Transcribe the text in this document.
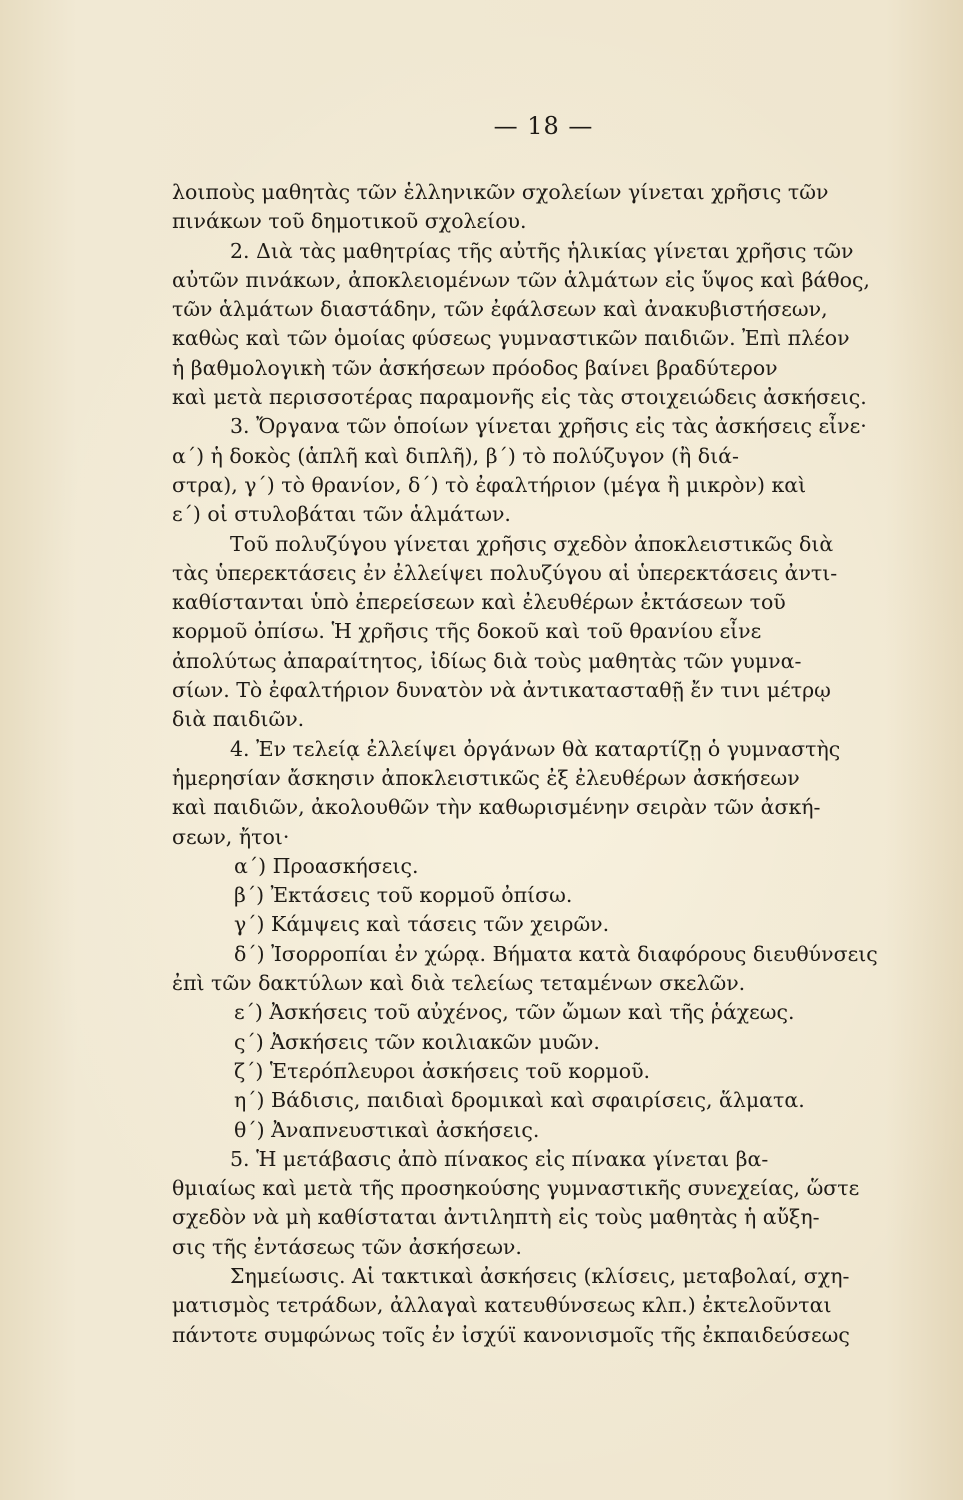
— 18 —
λοιποὺς μαθητὰς τῶν ἑλληνικῶν σχολείων γίνεται χρῆσις τῶν
πινάκων τοῦ δημοτικοῦ σχολείου.
2. Διὰ τὰς μαθητρίας τῆς αὐτῆς ἡλικίας γίνεται χρῆσις τῶν
αὐτῶν πινάκων, ἀποκλειομένων τῶν ἁλμάτων εἰς ὕψος καὶ βάθος,
τῶν ἁλμάτων διαστάδην, τῶν ἐφάλσεων καὶ ἀνακυβιστήσεων,
καθὼς καὶ τῶν ὁμοίας φύσεως γυμναστικῶν παιδιῶν. Ἐπὶ πλέον
ἡ βαθμολογικὴ τῶν ἀσκήσεων πρόοδος βαίνει βραδύτερον
καὶ μετὰ περισσοτέρας παραμονῆς εἰς τὰς στοιχειώδεις ἀσκήσεις.
3. Ὄργανα τῶν ὁποίων γίνεται χρῆσις εἰς τὰς ἀσκήσεις εἶνε·
α΄) ἡ δοκὸς (ἁπλῆ καὶ διπλῆ), β΄) τὸ πολύζυγον (ἢ διά-
στρα), γ΄) τὸ θρανίον, δ΄) τὸ ἐφαλτήριον (μέγα ἢ μικρὸν) καὶ
ε΄) οἱ στυλοβάται τῶν ἁλμάτων.
Τοῦ πολυζύγου γίνεται χρῆσις σχεδὸν ἀποκλειστικῶς διὰ
τὰς ὑπερεκτάσεις ἐν ἐλλείψει πολυζύγου αἱ ὑπερεκτάσεις ἀντι-
καθίστανται ὑπὸ ἐπερείσεων καὶ ἐλευθέρων ἐκτάσεων τοῦ
κορμοῦ ὀπίσω. Ἡ χρῆσις τῆς δοκοῦ καὶ τοῦ θρανίου εἶνε
ἀπολύτως ἀπαραίτητος, ἰδίως διὰ τοὺς μαθητὰς τῶν γυμνα-
σίων. Τὸ ἐφαλτήριον δυνατὸν νὰ ἀντικατασταθῇ ἔν τινι μέτρῳ
διὰ παιδιῶν.
4. Ἐν τελείᾳ ἐλλείψει ὀργάνων θὰ καταρτίζῃ ὁ γυμναστὴς
ἡμερησίαν ἄσκησιν ἀποκλειστικῶς ἐξ ἐλευθέρων ἀσκήσεων
καὶ παιδιῶν, ἀκολουθῶν τὴν καθωρισμένην σειρὰν τῶν ἀσκή-
σεων, ἤτοι·
α΄) Προασκήσεις.
β΄) Ἐκτάσεις τοῦ κορμοῦ ὀπίσω.
γ΄) Κάμψεις καὶ τάσεις τῶν χειρῶν.
δ΄) Ἰσορροπίαι ἐν χώρᾳ. Βήματα κατὰ διαφόρους διευθύνσεις
ἐπὶ τῶν δακτύλων καὶ διὰ τελείως τεταμένων σκελῶν.
ε΄) Ἀσκήσεις τοῦ αὐχένος, τῶν ὤμων καὶ τῆς ῥάχεως.
ς΄) Ἀσκήσεις τῶν κοιλιακῶν μυῶν.
ζ΄) Ἑτερόπλευροι ἀσκήσεις τοῦ κορμοῦ.
η΄) Βάδισις, παιδιαὶ δρομικαὶ καὶ σφαιρίσεις, ἅλματα.
θ΄) Ἀναπνευστικαὶ ἀσκήσεις.
5. Ἡ μετάβασις ἀπὸ πίνακος εἰς πίνακα γίνεται βα-
θμιαίως καὶ μετὰ τῆς προσηκούσης γυμναστικῆς συνεχείας, ὥστε
σχεδὸν νὰ μὴ καθίσταται ἀντιληπτὴ εἰς τοὺς μαθητὰς ἡ αὔξη-
σις τῆς ἐντάσεως τῶν ἀσκήσεων.
Σημείωσις. Αἱ τακτικαὶ ἀσκήσεις (κλίσεις, μεταβολαί, σχη-
ματισμὸς τετράδων, ἀλλαγαὶ κατευθύνσεως κλπ.) ἐκτελοῦνται
πάντοτε συμφώνως τοῖς ἐν ἰσχύϊ κανονισμοῖς τῆς ἐκπαιδεύσεως
